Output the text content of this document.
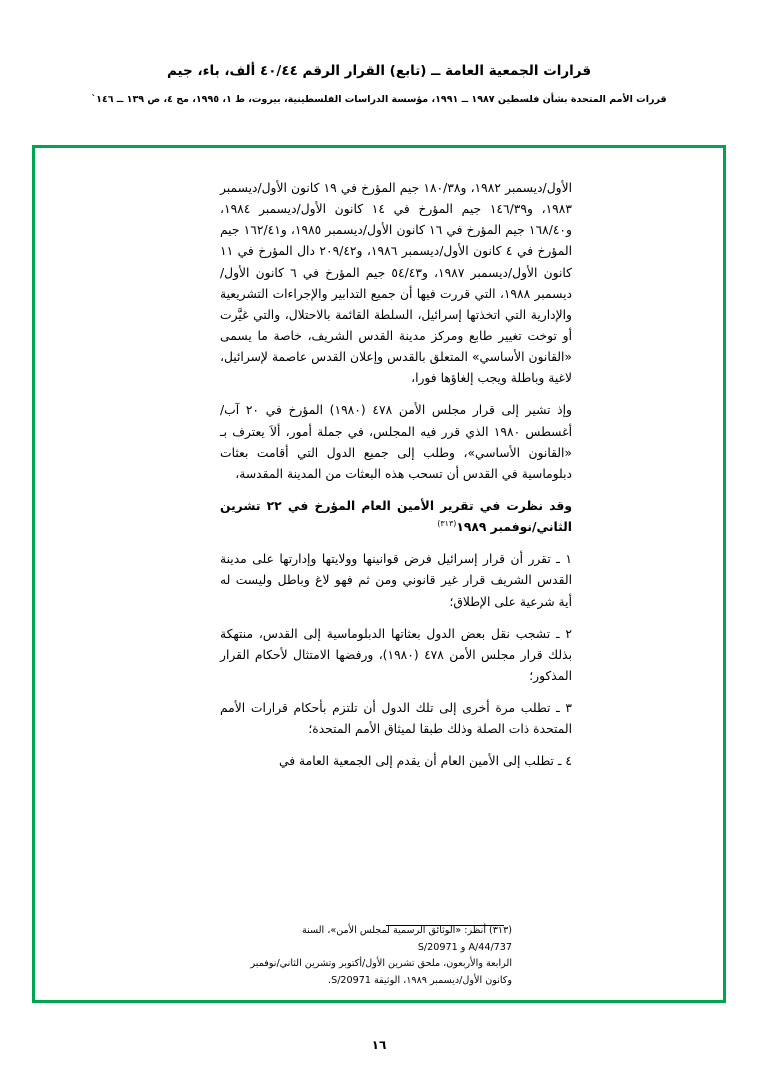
قرارات الجمعية العامة ــ (تابع) القرار الرقم ٤٠/٤٤ ألف، باء، جيم
قررات الأمم المتحدة بشأن فلسطين ١٩٨٧ ــ ١٩٩١، مؤسسة الدراسات الفلسطينية، بيروت، ط ١، ١٩٩٥، مج ٤، ص ١٣٩ ــ ١٤٦`

الأول/ديسمبر ١٩٨٢، و١٨٠/٣٨ جيم المؤرخ في ١٩ كانون الأول/ديسمبر ١٩٨٣، و١٤٦/٣٩ جيم المؤرخ في ١٤ كانون الأول/ديسمبر ١٩٨٤، و١٦٨/٤٠ جيم المؤرخ في ١٦ كانون الأول/ديسمبر ١٩٨٥، و١٦٢/٤١ جيم المؤرخ في ٤ كانون الأول/ديسمبر ١٩٨٦، و٢٠٩/٤٢ دال المؤرخ في ١١ كانون الأول/ديسمبر ١٩٨٧، و٥٤/٤٣ جيم المؤرخ في ٦ كانون الأول/ديسمبر ١٩٨٨، التي قررت فيها أن جميع التدابير والإجراءات التشريعية والإدارية التي اتخذتها إسرائيل، السلطة القائمة بالاحتلال، والتي غيَّرت أو توخت تغيير طابع ومركز مدينة القدس الشريف، خاصة ما يسمى «القانون الأساسي» المتعلق بالقدس وإعلان القدس عاصمة لإسرائيل، لاغية وباطلة ويجب إلغاؤها فورا،

وإذ تشير إلى قرار مجلس الأمن ٤٧٨ (١٩٨٠) المؤرخ في ٢٠ آب/أغسطس ١٩٨٠ الذي قرر فيه المجلس، في جملة أمور، ألاَ يعترف بـ «القانون الأساسي»، وطلب إلى جميع الدول التي أقامت بعثات دبلوماسية في القدس أن تسحب هذه البعثات من المدينة المقدسة،

وقد نظرت في تقرير الأمين العام المؤرخ في ٢٢ تشرين الثاني/نوفمبر ١٩٨٩$^{(٣١٣)}$

١ ـ تقرر أن قرار إسرائيل فرض قوانينها وولايتها وإدارتها على مدينة القدس الشريف قرار غير قانوني ومن ثم فهو لاغ وباطل وليست له أية شرعية على الإطلاق؛

٢ ـ تشجب نقل بعض الدول بعثاتها الدبلوماسية إلى القدس، منتهكة بذلك قرار مجلس الأمن ٤٧٨ (١٩٨٠)، ورفضها الامتثال لأحكام القرار المذكور؛

٣ ـ تطلب مرة أخرى إلى تلك الدول أن تلتزم بأحكام قرارات الأمم المتحدة ذات الصلة وذلك طبقا لميثاق الأمم المتحدة؛

٤ ـ تطلب إلى الأمين العام أن يقدم إلى الجمعية العامة في

(٣١٣) أنظر: «الوثائق الرسمية لمجلس الأمن»، السنة S/20971 و A/44/737
الرابعة والأربعون، ملحق تشرين الأول/أكتوبر وتشرين الثاني/نوفمبر
وكانون الأول/ديسمبر ١٩٨٩، الوثيقة S/20971.
١٦
